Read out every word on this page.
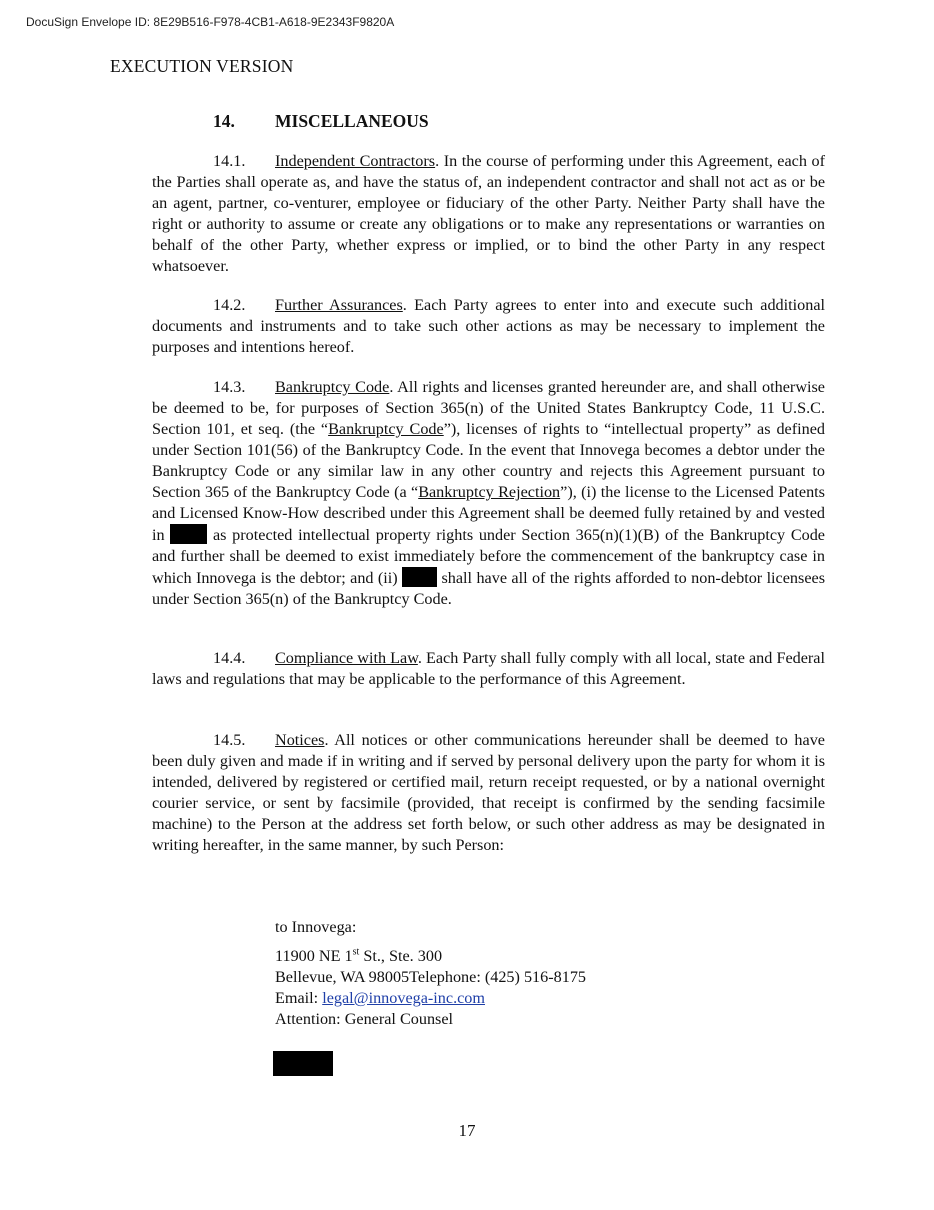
DocuSign Envelope ID: 8E29B516-F978-4CB1-A618-9E2343F9820A
EXECUTION VERSION
14. MISCELLANEOUS
14.1. Independent Contractors. In the course of performing under this Agreement, each of the Parties shall operate as, and have the status of, an independent contractor and shall not act as or be an agent, partner, co-venturer, employee or fiduciary of the other Party. Neither Party shall have the right or authority to assume or create any obligations or to make any representations or warranties on behalf of the other Party, whether express or implied, or to bind the other Party in any respect whatsoever.
14.2. Further Assurances. Each Party agrees to enter into and execute such additional documents and instruments and to take such other actions as may be necessary to implement the purposes and intentions hereof.
14.3. Bankruptcy Code. All rights and licenses granted hereunder are, and shall otherwise be deemed to be, for purposes of Section 365(n) of the United States Bankruptcy Code, 11 U.S.C. Section 101, et seq. (the “Bankruptcy Code”), licenses of rights to “intellectual property” as defined under Section 101(56) of the Bankruptcy Code. In the event that Innovega becomes a debtor under the Bankruptcy Code or any similar law in any other country and rejects this Agreement pursuant to Section 365 of the Bankruptcy Code (a “Bankruptcy Rejection”), (i) the license to the Licensed Patents and Licensed Know-How described under this Agreement shall be deemed fully retained by and vested in	as protected intellectual property rights under Section 365(n)(1)(B) of the Bankruptcy Code and further shall be deemed to exist immediately before the commencement of the bankruptcy case in which Innovega is the debtor; and (ii)	shall have all of the rights afforded to non-debtor licensees under Section 365(n) of the Bankruptcy Code.
14.4. Compliance with Law. Each Party shall fully comply with all local, state and Federal laws and regulations that may be applicable to the performance of this Agreement.
14.5. Notices. All notices or other communications hereunder shall be deemed to have been duly given and made if in writing and if served by personal delivery upon the party for whom it is intended, delivered by registered or certified mail, return receipt requested, or by a national overnight courier service, or sent by facsimile (provided, that receipt is confirmed by the sending facsimile machine) to the Person at the address set forth below, or such other address as may be designated in writing hereafter, in the same manner, by such Person:
to Innovega:
11900 NE 1st St., Ste. 300
Bellevue, WA 98005Telephone: (425) 516-8175
Email: legal@innovega-inc.com
Attention: General Counsel
17
